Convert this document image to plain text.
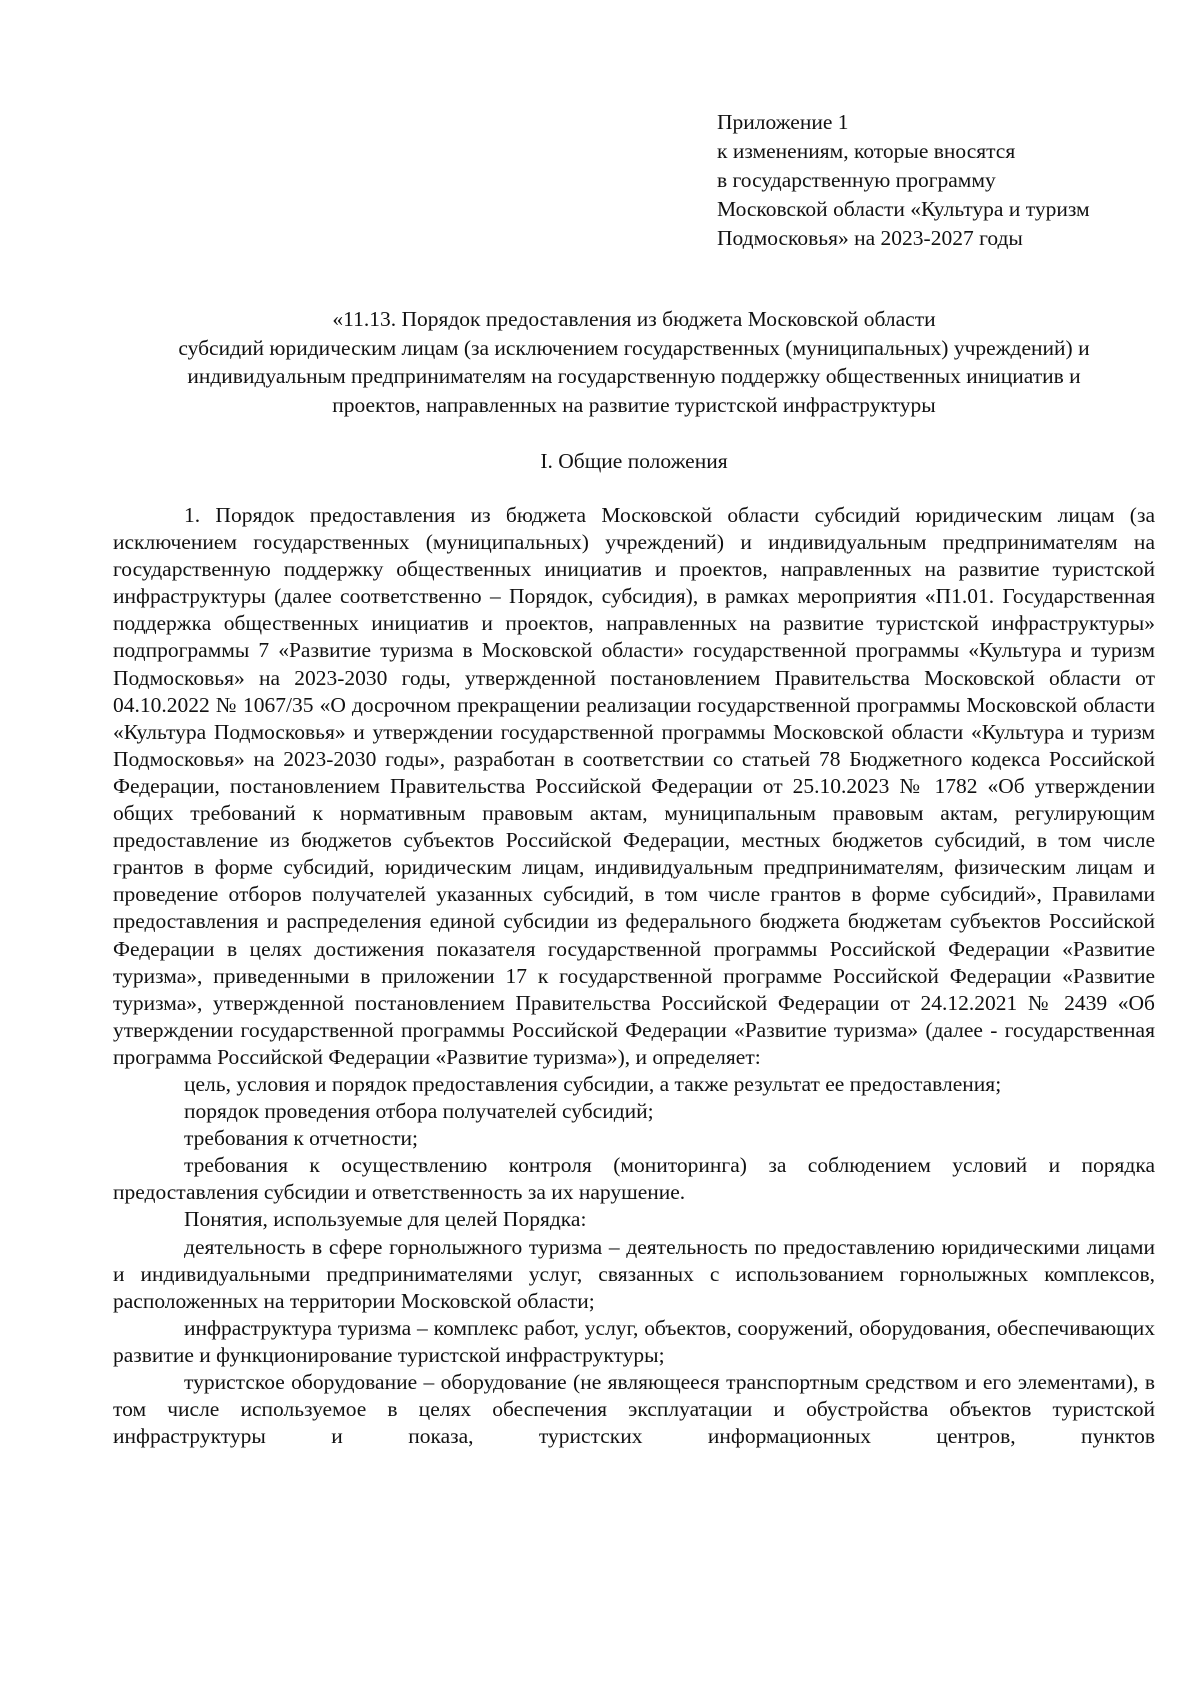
Приложение 1
к изменениям, которые вносятся
в государственную программу
Московской области «Культура и туризм
Подмосковья» на 2023-2027 годы
«11.13. Порядок предоставления из бюджета Московской области
субсидий юридическим лицам (за исключением государственных (муниципальных) учреждений) и
индивидуальным предпринимателям на государственную поддержку общественных инициатив и
проектов, направленных на развитие туристской инфраструктуры
I. Общие положения

1. Порядок предоставления из бюджета Московской области субсидий юридическим лицам (за исключением государственных (муниципальных) учреждений) и индивидуальным предпринимателям на государственную поддержку общественных инициатив и проектов, направленных на развитие туристской инфраструктуры (далее соответственно – Порядок, субсидия), в рамках мероприятия «П1.01. Государственная поддержка общественных инициатив и проектов, направленных на развитие туристской инфраструктуры» подпрограммы 7 «Развитие туризма в Московской области» государственной программы «Культура и туризм Подмосковья» на 2023-2030 годы, утвержденной постановлением Правительства Московской области от 04.10.2022 № 1067/35 «О досрочном прекращении реализации государственной программы Московской области «Культура Подмосковья» и утверждении государственной программы Московской области «Культура и туризм Подмосковья» на 2023-2030 годы», разработан в соответствии со статьей 78 Бюджетного кодекса Российской Федерации, постановлением Правительства Российской Федерации от 25.10.2023 № 1782 «Об утверждении общих требований к нормативным правовым актам, муниципальным правовым актам, регулирующим предоставление из бюджетов субъектов Российской Федерации, местных бюджетов субсидий, в том числе грантов в форме субсидий, юридическим лицам, индивидуальным предпринимателям, физическим лицам и проведение отборов получателей указанных субсидий, в том числе грантов в форме субсидий», Правилами предоставления и распределения единой субсидии из федерального бюджета бюджетам субъектов Российской Федерации в целях достижения показателя государственной программы Российской Федерации «Развитие туризма», приведенными в приложении 17 к государственной программе Российской Федерации «Развитие туризма», утвержденной постановлением Правительства Российской Федерации от 24.12.2021 № 2439 «Об утверждении государственной программы Российской Федерации «Развитие туризма» (далее - государственная программа Российской Федерации «Развитие туризма»), и определяет:

цель, условия и порядок предоставления субсидии, а также результат ее предоставления;

порядок проведения отбора получателей субсидий;

требования к отчетности;

требования к осуществлению контроля (мониторинга) за соблюдением условий и порядка предоставления субсидии и ответственность за их нарушение.

Понятия, используемые для целей Порядка:

деятельность в сфере горнолыжного туризма – деятельность по предоставлению юридическими лицами и индивидуальными предпринимателями услуг, связанных с использованием горнолыжных комплексов, расположенных на территории Московской области;

инфраструктура туризма – комплекс работ, услуг, объектов, сооружений, оборудования, обеспечивающих развитие и функционирование туристской инфраструктуры;

туристское оборудование – оборудование (не являющееся транспортным средством и его элементами), в том числе используемое в целях обеспечения эксплуатации и обустройства объектов туристской инфраструктуры и показа, туристских информационных центров, пунктов
